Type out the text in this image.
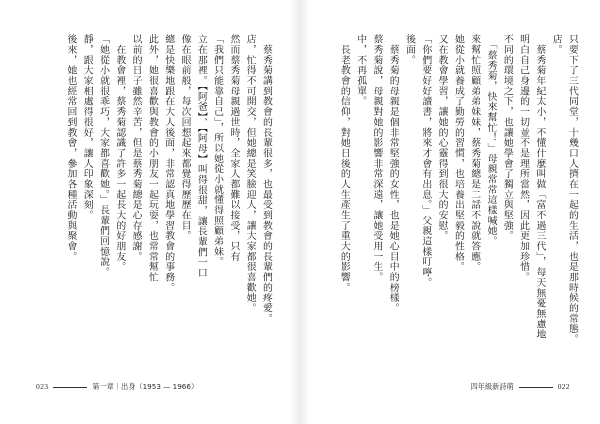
　蔡秀菊講到教會的長輩很多，也最受到教會的長輩們的疼愛。
店，忙得不可開交，但她總是笑臉迎人，讓大家都很喜歡她。
然而蔡秀菊母親過世時，全家人都難以接受，只有
「我們只能靠自己」，所以她從小就懂得照顧弟妹。
立在那裡。【阿爸】、【阿母】叫得很甜，讓長輩們一口
像在眼前般，每次回想起來都覺得歷歷在目。
總是快樂地跟在大人後面，非常認真地學習教會的事務。
此外，她很喜歡與教會的小朋友一起玩耍，也常常幫忙
以前的日子雖然辛苦，但是蔡秀菊總是心存感謝。
　在教會裡，蔡秀菊認識了許多一起長大的好朋友。
「她從小就很乖巧，大家都喜歡她。」長輩們回憶說。
靜，跟大家相處得很好，讓人印象深刻。
後來，她也經常回到教會，參加各種活動與聚會。
023	第一章｜出身（1953 — 1966）
只要下了三代同堂，十幾口人擠在一起的生活，也是那時候的常態。
店。
　蔡秀菊年紀太小，不懂什麼叫做「富不過三代」，每天無憂無慮地
明白自己身邊的一切並不是理所當然，因此更加珍惜。
不同的環境之下，也讓她學會了獨立與堅強。
　「蔡秀菊，快來幫忙！」母親常常這樣喊她。
來幫忙照顧弟弟妹妹，蔡秀菊總是二話不說就答應。
她從小就養成了勤勞的習慣，也培養出堅毅的性格。
又在教會學習，讓她的心靈得到很大的安慰。
「你們要好好讀書，將來才會有出息。」父親這樣叮嚀。
後面。
　蔡秀菊的母親是個非常堅強的女性，也是她心目中的榜樣。
蔡秀菊說，母親對她的影響非常深遠，讓她受用一生。
中，不再孤單。
　長老教會的信仰，對她日後的人生產生了重大的影響。
四年級新詩萌	022
